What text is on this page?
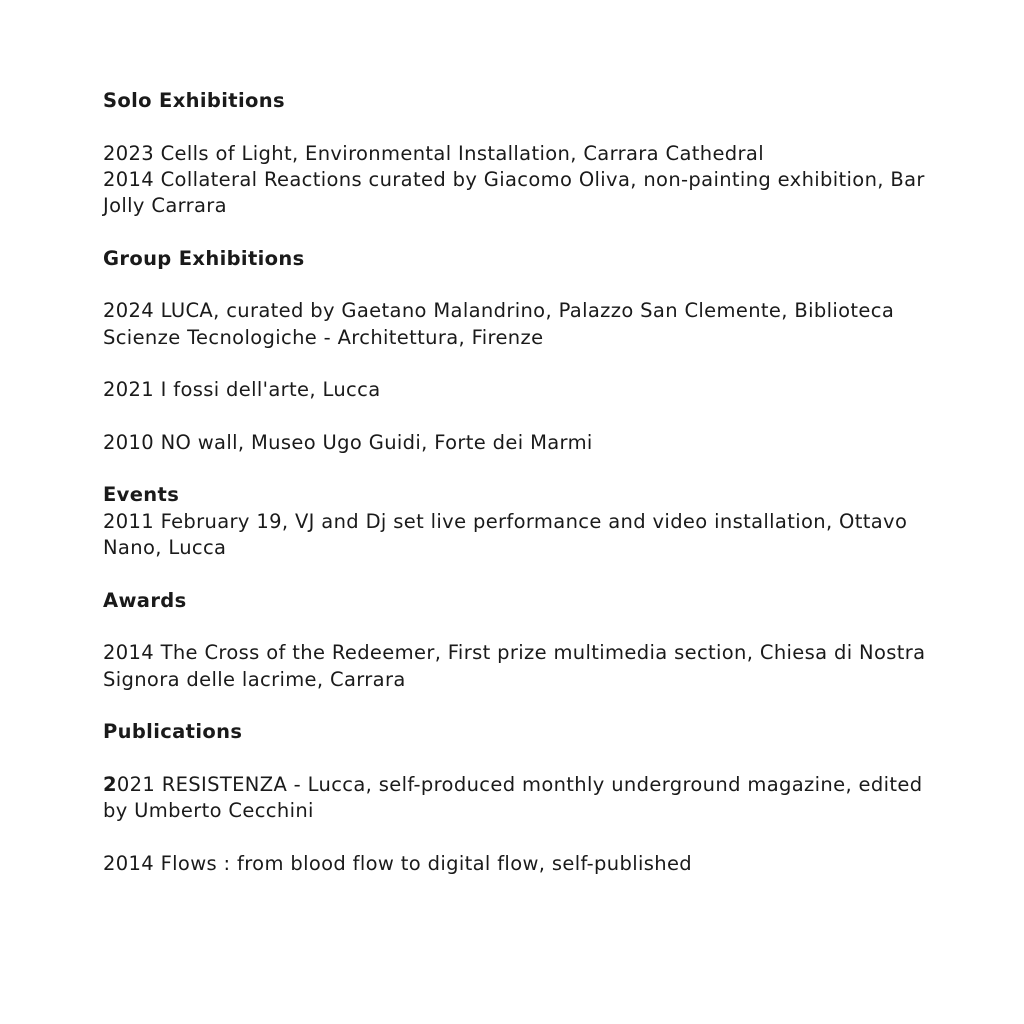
Solo Exhibitions

2023 Cells of Light, Environmental Installation, Carrara Cathedral

2014 Collateral Reactions curated by Giacomo Oliva, non-painting exhibition, Bar Jolly Carrara

Group Exhibitions

2024 LUCA, curated by Gaetano Malandrino, Palazzo San Clemente, Biblioteca Scienze Tecnologiche - Architettura, Firenze

2021 I fossi dell'arte, Lucca

2010 NO wall, Museo Ugo Guidi, Forte dei Marmi

Events

2011 February 19, VJ and Dj set live performance and video installation, Ottavo Nano, Lucca

Awards

2014 The Cross of the Redeemer, First prize multimedia section, Chiesa di Nostra Signora delle lacrime, Carrara

Publications

2021 RESISTENZA - Lucca, self-produced monthly underground magazine, edited by Umberto Cecchini

2014 Flows : from blood flow to digital flow, self-published
